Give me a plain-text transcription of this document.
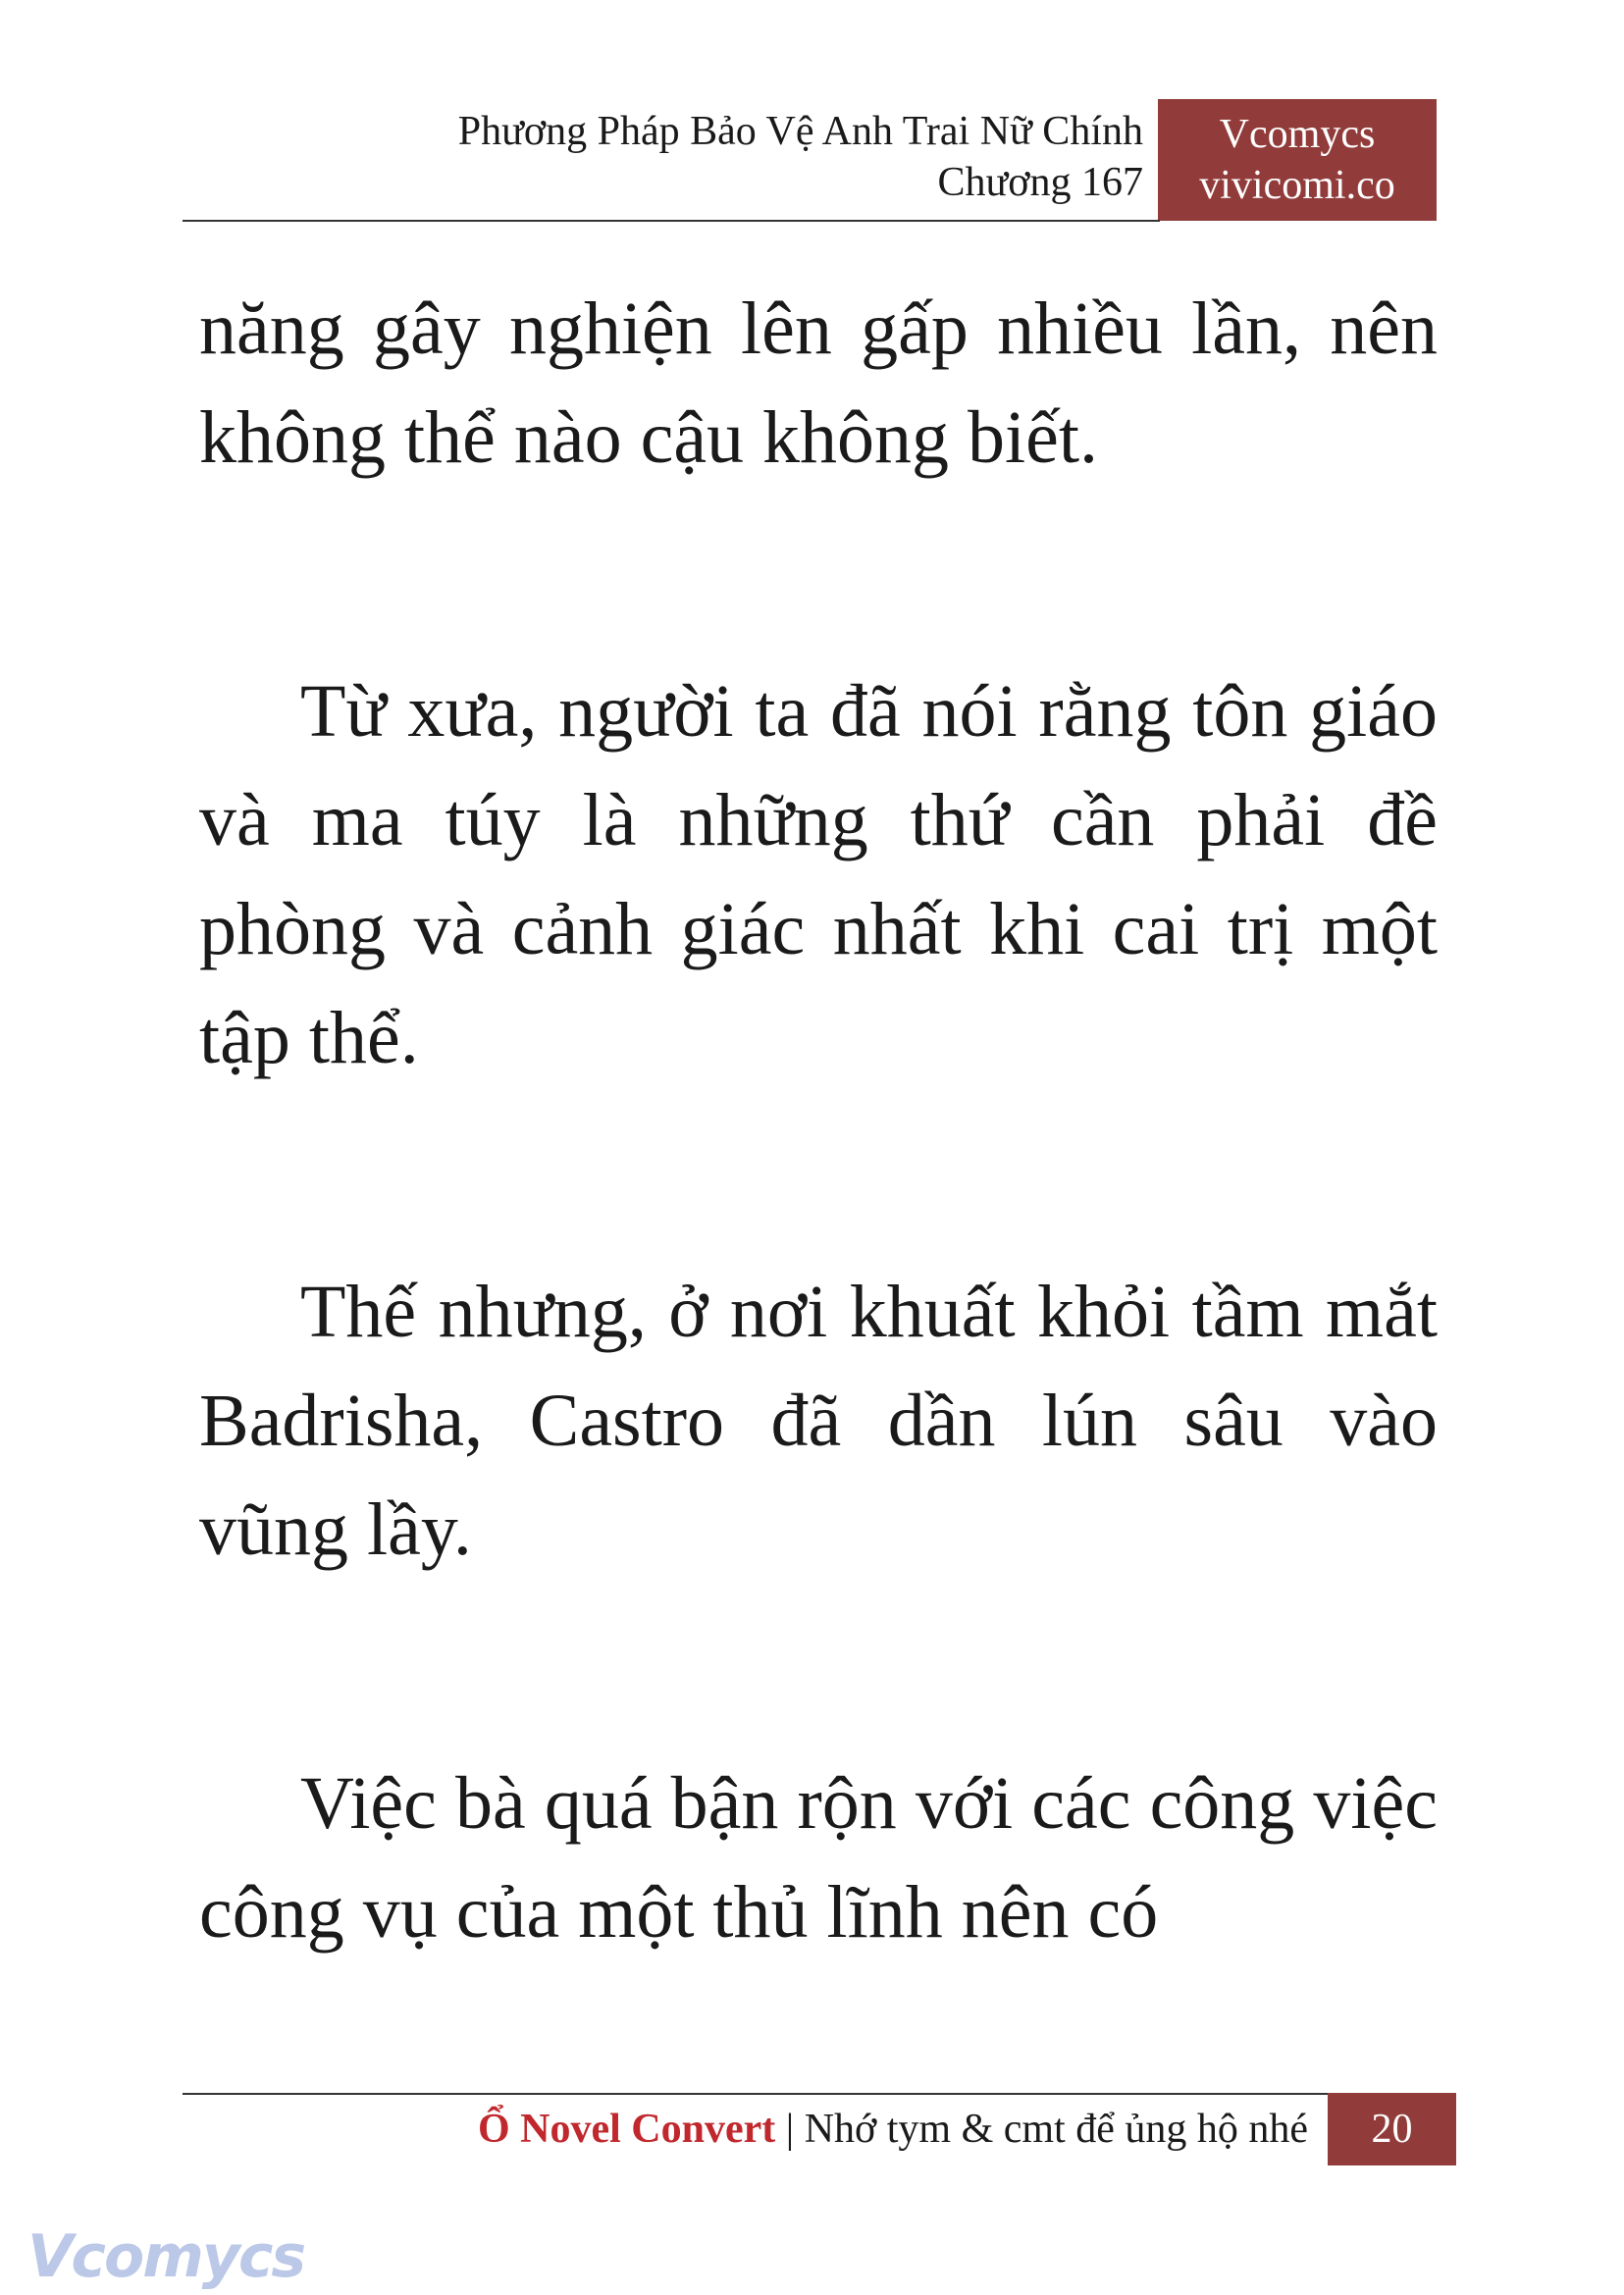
Phương Pháp Bảo Vệ Anh Trai Nữ Chính
Chương 167
Vcomycs
vivicomi.co

năng gây nghiện lên gấp nhiều lần, nên không thể nào cậu không biết.

Từ xưa, người ta đã nói rằng tôn giáo và ma túy là những thứ cần phải đề phòng và cảnh giác nhất khi cai trị một tập thể.

Thế nhưng, ở nơi khuất khỏi tầm mắt Badrisha, Castro đã dần lún sâu vào vũng lầy.

Việc bà quá bận rộn với các công việc công vụ của một thủ lĩnh nên có

Ổ Novel Convert | Nhớ tym & cmt để ủng hộ nhé	20
Vcomycs
